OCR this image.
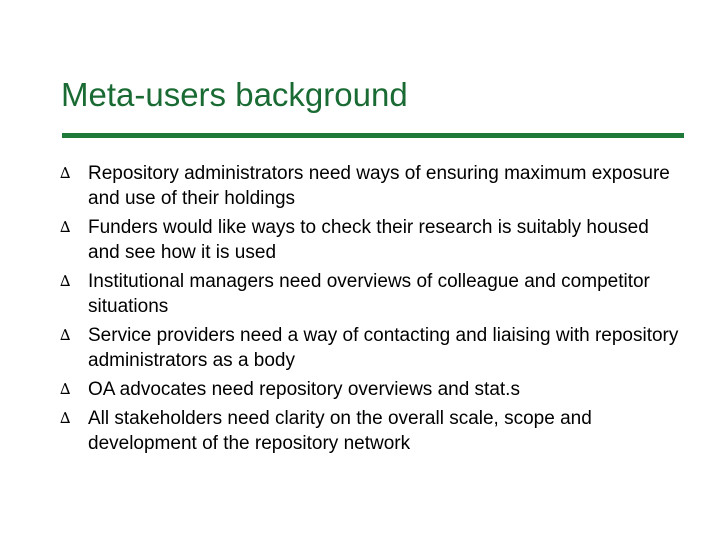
Meta-users background
∆ Repository administrators need ways of ensuring maximum exposure and use of their holdings
∆ Funders would like ways to check their research is suitably housed and see how it is used
∆ Institutional managers need overviews of colleague and competitor situations
∆ Service providers need a way of contacting and liaising with repository administrators as a body
∆ OA advocates need repository overviews and stat.s
∆ All stakeholders need clarity on the overall scale, scope and development of the repository network
